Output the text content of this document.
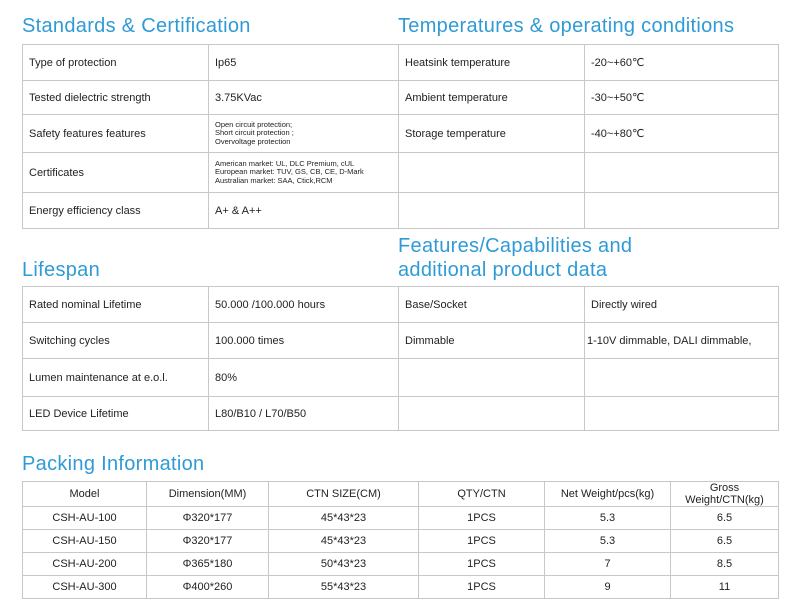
Standards & Certification	Temperatures & operating conditions
Lifespan
Features/Capabilities and
additional product data
Packing Information
Type of protection	Ip65	Heatsink temperature	-20~+60℃
Tested dielectric strength	3.75KVac	Ambient temperature	-30~+50℃
Safety features features	Open circuit protection;
Short circuit protection ;
Overvoltage protection	Storage temperature	-40~+80℃
Certificates	American market: UL, DLC Premium, cUL
European market: TUV, GS, CB, CE, D-Mark
Australian market: SAA, Ctick,RCM		

Energy efficiency class	A+ & A++		
Rated nominal Lifetime	50.000 /100.000 hours	Base/Socket	Directly wired
Switching cycles	100.000 times	Dimmable	1-10V dimmable, DALI dimmable,
Lumen maintenance at e.o.l.	80%		
LED Device Lifetime	L80/B10 / L70/B50		
Model	Dimension(MM)	CTN SIZE(CM)	QTY/CTN	Net Weight/pcs(kg)	Gross Weight/CTN(kg)
CSH-AU-100	Φ320*177	45*43*23	1PCS	5.3	6.5
CSH-AU-150	Φ320*177	45*43*23	1PCS	5.3	6.5
CSH-AU-200	Φ365*180	50*43*23	1PCS	7	8.5
CSH-AU-300	Φ400*260	55*43*23	1PCS	9	11
